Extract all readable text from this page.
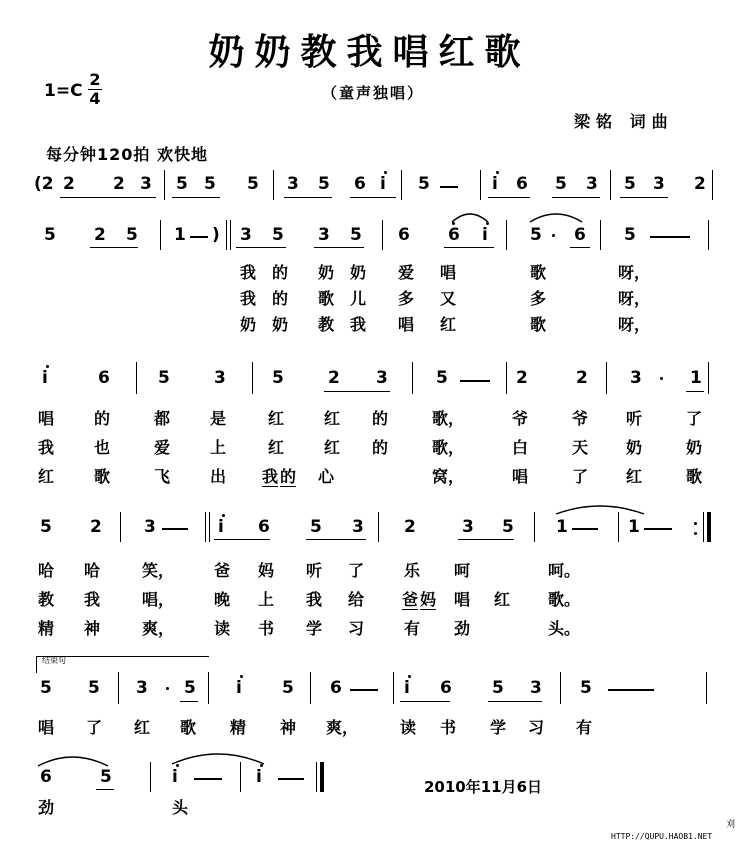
奶奶教我唱红歌
1=C
2
4	（童声独唱）
梁铭 词曲
每分钟120拍 欢快地
(2 2 2 3 5 5 5 3 5 6 i 5	i 6 5 3 5 3 2
5 2 5 1 ) 3 5 3 5 6 6 i 5 6 5
i	6	5	3	5	2 3	5	2	2 3	1
5 2 3	i 6 5 3 2	3 5 1	1
5 5 3 5 i 5 6	i 6 5 3 5
6	5	i	i
我 的 奶 奶 爱 唱	歌	呀，
我 的 歌 儿 多 又	多	呀，
奶 奶 教 我 唱 红	歌	呀，
唱 的	都 是	红 红 的	歌，	爷	爷 听	了
我 也	爱 上	红 红 的	歌，	白	天 奶	奶
红 歌	飞 出 我 的 心	窝，	唱	了 红	歌
哈 哈	笑， 爸 妈 听 了 乐 呵	呵。
教 我	唱， 晚 上 我 给 爸 妈 唱 红 歌。
精 神	爽， 读 书 学 习 有 劲	头。
唱 了 红 歌 精 神 爽，	读 书 学 习 有
劲	头
结束句
2010年11月6日
HTTP://QUPU.HAOB1.NET
刈
